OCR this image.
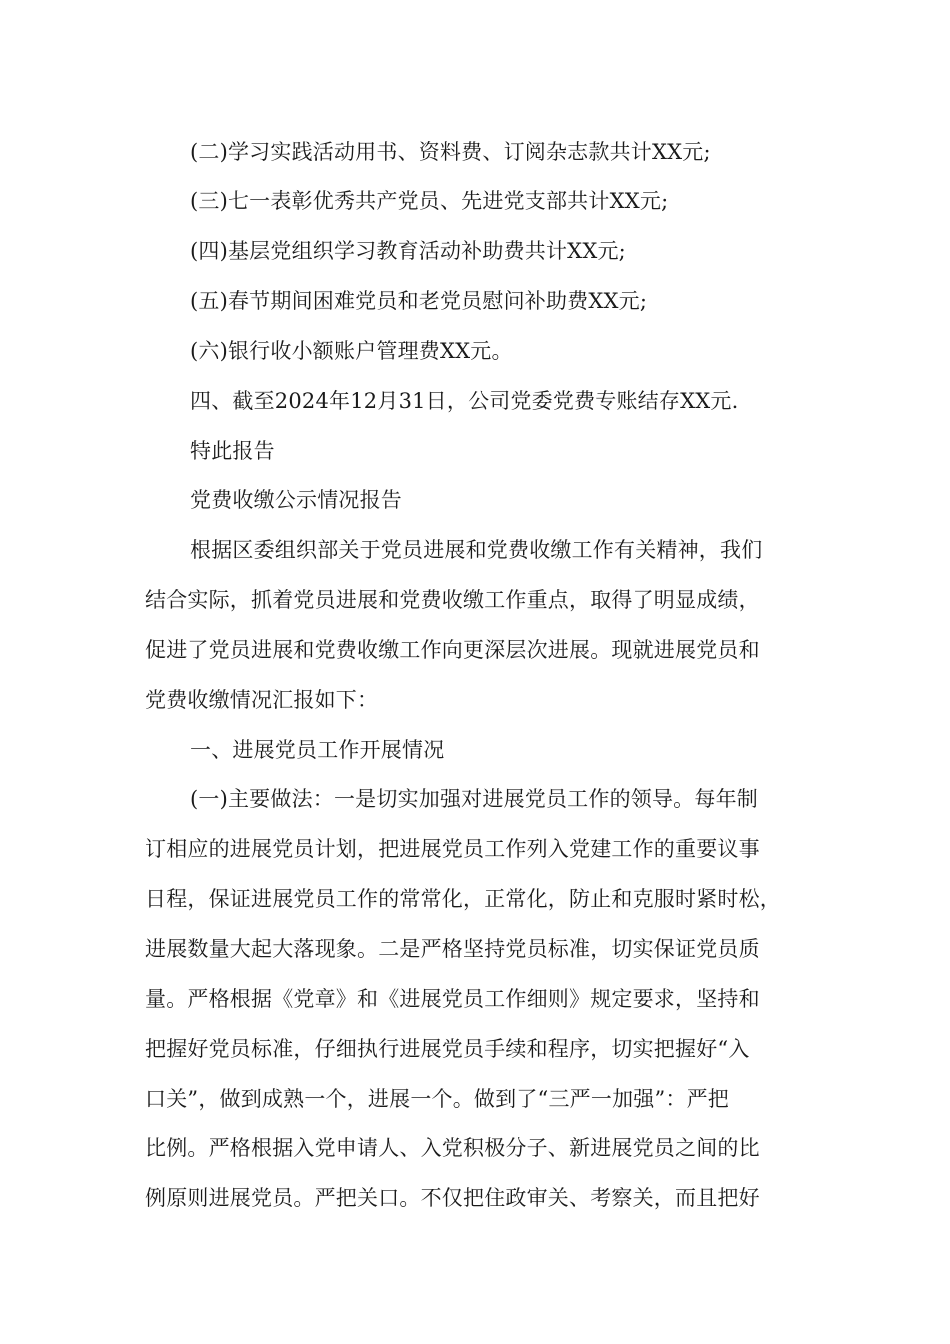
(二)学习实践活动用书、资料费、订阅杂志款共计XX元;
(三)七一表彰优秀共产党员、先进党支部共计XX元;
(四)基层党组织学习教育活动补助费共计XX元;
(五)春节期间困难党员和老党员慰问补助费XX元;
(六)银行收小额账户管理费XX元。
四、截至2024年12月31日，公司党委党费专账结存XX元.
特此报告
党费收缴公示情况报告
根据区委组织部关于党员进展和党费收缴工作有关精神，我们
结合实际，抓着党员进展和党费收缴工作重点，取得了明显成绩，
促进了党员进展和党费收缴工作向更深层次进展。现就进展党员和
党费收缴情况汇报如下：
一、进展党员工作开展情况
(一)主要做法：一是切实加强对进展党员工作的领导。每年制
订相应的进展党员计划，把进展党员工作列入党建工作的重要议事
日程，保证进展党员工作的常常化，正常化，防止和克服时紧时松，
进展数量大起大落现象。二是严格坚持党员标准，切实保证党员质
量。严格根据《党章》和《进展党员工作细则》规定要求，坚持和
把握好党员标准，仔细执行进展党员手续和程序，切实把握好“入
口关”，做到成熟一个，进展一个。做到了“三严一加强”：严把
比例。严格根据入党申请人、入党积极分子、新进展党员之间的比
例原则进展党员。严把关口。不仅把住政审关、考察关，而且把好
